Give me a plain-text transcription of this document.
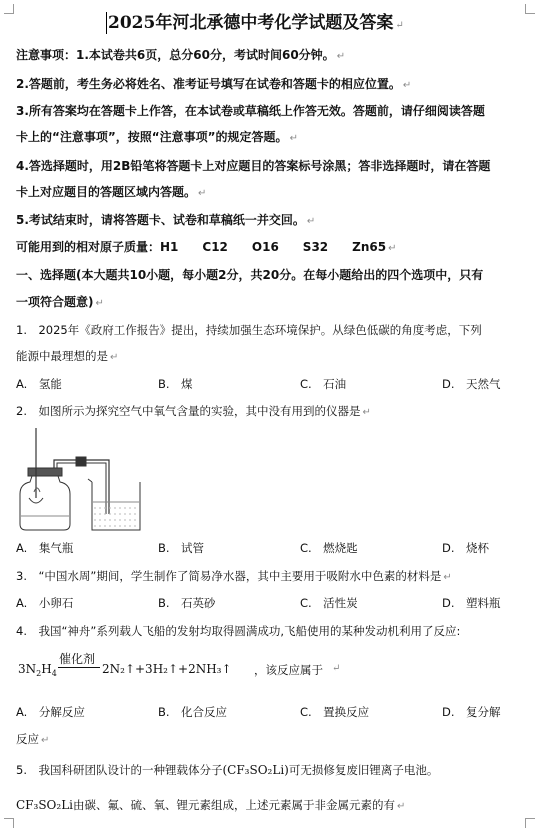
2025年河北承德中考化学试题及答案 ↵
注意事项：1.本试卷共6页，总分60分，考试时间60分钟。 ↵
2.答题前，考生务必将姓名、准考证号填写在试卷和答题卡的相应位置。 ↵
3.所有答案均在答题卡上作答，在本试卷或草稿纸上作答无效。答题前，请仔细阅读答题
卡上的“注意事项”，按照“注意事项”的规定答题。 ↵
4.答选择题时，用2B铅笔将答题卡上对应题目的答案标号涂黑；答非选择题时，请在答题
卡上对应题目的答题区域内答题。 ↵
5.考试结束时，请将答题卡、试卷和草稿纸一并交回。 ↵
可能用到的相对原子质量：H1　　C12　　O16　　S32　　Zn65 ↵
一、选择题(本大题共10小题，每小题2分，共20分。在每小题给出的四个选项中，只有
一项符合题意) ↵
1.　2025年《政府工作报告》提出，持续加强生态环境保护。从绿色低碳的角度考虑，下列
能源中最理想的是 ↵
A.　氢能	B.　煤	C.　石油	D.　天然气
2.　如图所示为探究空气中氧气含量的实验，其中没有用到的仪器是 ↵
A.　集气瓶	B.　试管	C.　燃烧匙	D.　烧杯
3.　“中国水周”期间，学生制作了简易净水器，其中主要用于吸附水中色素的材料是 ↵
A.　小卵石	B.　石英砂	C.　活性炭	D.　塑料瓶
4.　我国“神舟”系列载人飞船的发射均取得圆满成功,飞船使用的某种发动机利用了反应:
$3N_2H_4$
催化剂
2N₂↑+3H₂↑+2NH₃↑ ，该反应属于 ↵
A.　分解反应	B.　化合反应	C.　置换反应	D.　复分解
反应 ↵
5.　我国科研团队设计的一种锂载体分子(CF₃SO₂Li)可无损修复废旧锂离子电池。
CF₃SO₂Li由碳、氟、硫、氧、锂元素组成，上述元素属于非金属元素的有 ↵
